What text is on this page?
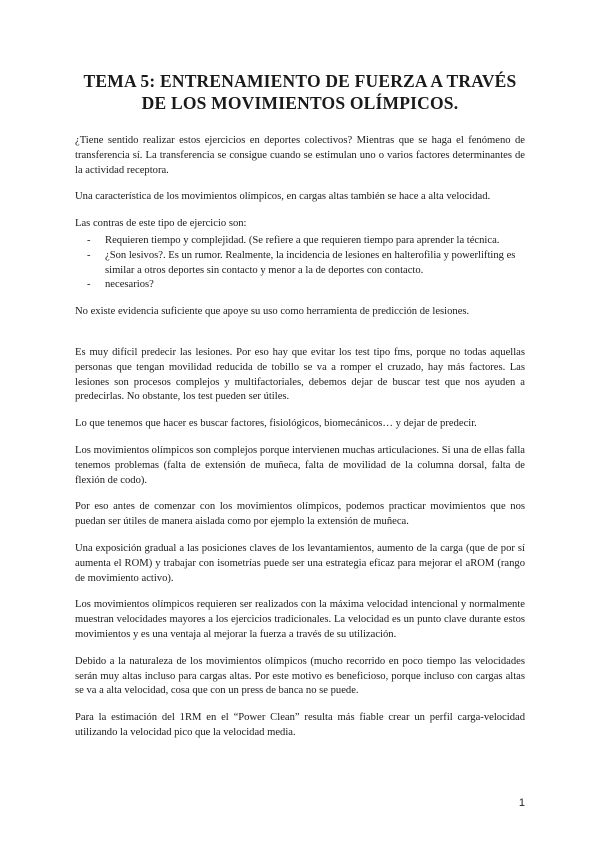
TEMA 5: ENTRENAMIENTO DE FUERZA A TRAVÉS
DE LOS MOVIMIENTOS OLÍMPICOS.

¿Tiene sentido realizar estos ejercicios en deportes colectivos? Mientras que se haga el fenómeno de transferencia sí. La transferencia se consigue cuando se estimulan uno o varios factores determinantes de la actividad receptora.

Una característica de los movimientos olímpicos, en cargas altas también se hace a alta velocidad.

Las contras de este tipo de ejercicio son:

- Requieren tiempo y complejidad. (Se refiere a que requieren tiempo para aprender la técnica.
- ¿Son lesivos?. Es un rumor. Realmente, la incidencia de lesiones en halterofilia y powerlifting es similar a otros deportes sin contacto y menor a la de deportes con contacto.
- necesarios?

No existe evidencia suficiente que apoye su uso como herramienta de predicción de lesiones.

Es muy difícil predecir las lesiones. Por eso hay que evitar los test tipo fms, porque no todas aquellas personas que tengan movilidad reducida de tobillo se va a romper el cruzado, hay más factores. Las lesiones son procesos complejos y multifactoriales, debemos dejar de buscar test que nos ayuden a predecirlas. No obstante, los test pueden ser útiles.

Lo que tenemos que hacer es buscar factores, fisiológicos, biomecánicos… y dejar de predecir.

Los movimientos olímpicos son complejos porque intervienen muchas articulaciones. Si una de ellas falla tenemos problemas (falta de extensión de muñeca, falta de movilidad de la columna dorsal, falta de flexión de codo).

Por eso antes de comenzar con los movimientos olímpicos, podemos practicar movimientos que nos puedan ser útiles de manera aislada como por ejemplo la extensión de muñeca.

Una exposición gradual a las posiciones claves de los levantamientos, aumento de la carga (que de por sí aumenta el ROM) y trabajar con isometrías puede ser una estrategia eficaz para mejorar el aROM (rango de movimiento activo).

Los movimientos olímpicos requieren ser realizados con la máxima velocidad intencional y normalmente muestran velocidades mayores a los ejercicios tradicionales. La velocidad es un punto clave durante estos movimientos y es una ventaja al mejorar la fuerza a través de su utilización.

Debido a la naturaleza de los movimientos olímpicos (mucho recorrido en poco tiempo las velocidades serán muy altas incluso para cargas altas. Por este motivo es beneficioso, porque incluso con cargas altas se va a alta velocidad, cosa que con un press de banca no se puede.

Para la estimación del 1RM en el “Power Clean” resulta más fiable crear un perfil carga-velocidad utilizando la velocidad pico que la velocidad media.

1
